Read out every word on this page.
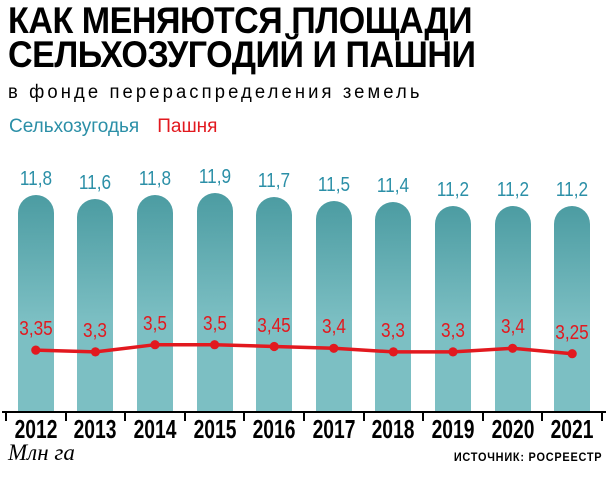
КАК МЕНЯЮТСЯ ПЛОЩАДИ
СЕЛЬХОЗУГОДИЙ И ПАШНИ
в фонде перераспределения земель
Сельхозугодья Пашня
11,8	11,6	11,8	11,9	11,7	11,5	11,4	11,2	11,2	11,2
2012 2013 2014 2015 2016 2017 2018 2019 2020 2021
3,35	3,3	3,5	3,5	3,45	3,4	3,3	3,3	3,4	3,25
Млн га	ИСТОЧНИК: РОСРЕЕСТР
